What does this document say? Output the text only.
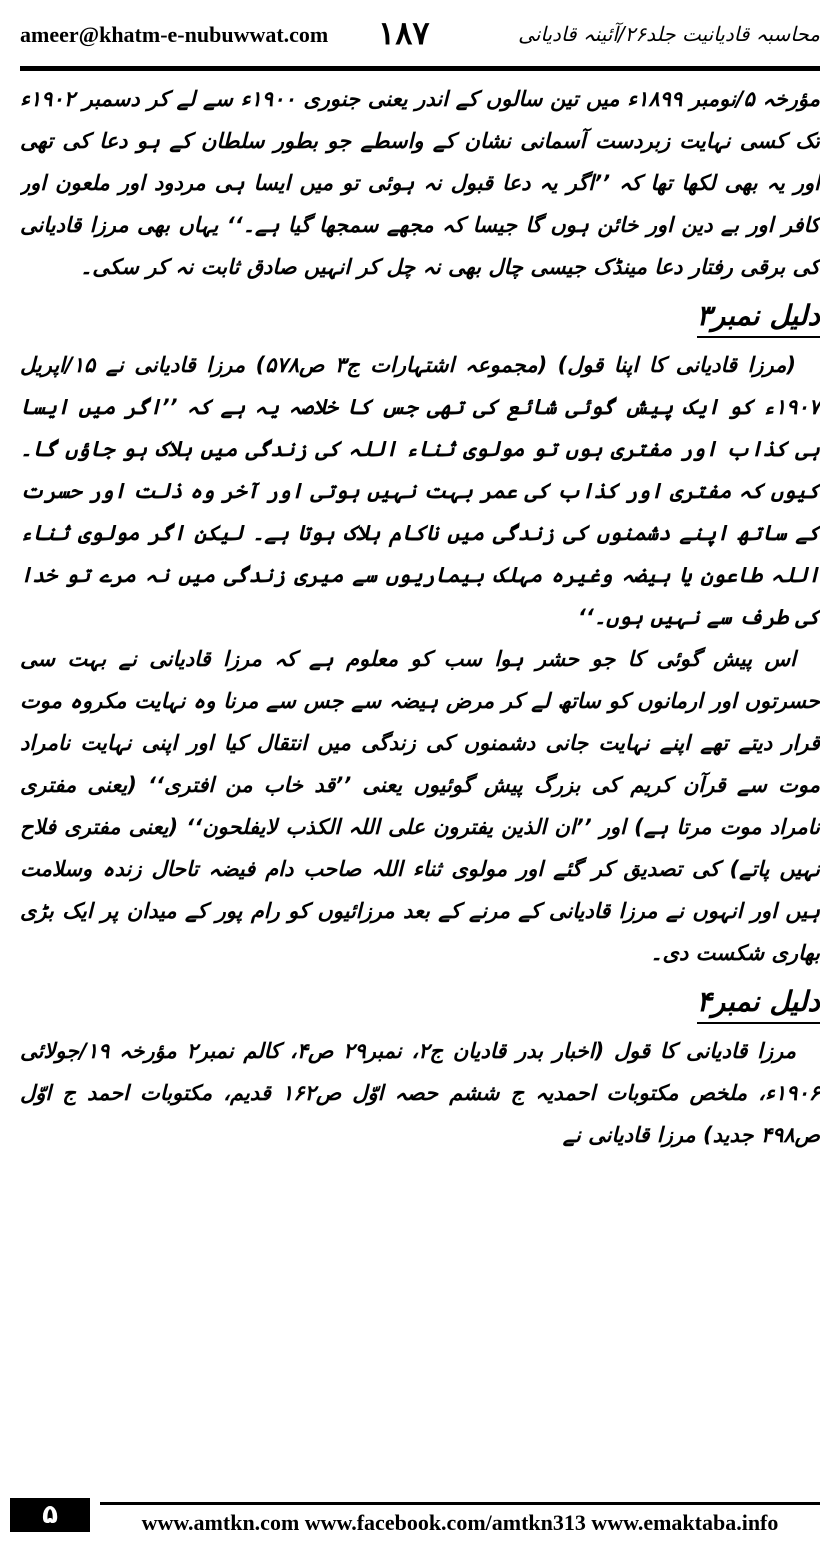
ameer@khatm-e-nubuwwat.com ۱۸۷	محاسبہ قادیانیت جلد۲۶/آئینہ قادیانی

مؤرخہ ۵/نومبر ۱۸۹۹ء میں تین سالوں کے اندر یعنی جنوری ۱۹۰۰ء سے لے کر دسمبر ۱۹۰۲ء تک کسی نہایت زبردست آسمانی نشان کے واسطے جو بطور سلطان کے ہو دعا کی تھی اور یہ بھی لکھا تھا کہ ’’اگر یہ دعا قبول نہ ہوئی تو میں ایسا ہی مردود اور ملعون اور کافر اور بے دین اور خائن ہوں گا جیسا کہ مجھے سمجھا گیا ہے۔‘‘ یہاں بھی مرزا قادیانی کی برقی رفتار دعا مینڈک جیسی چال بھی نہ چل کر انہیں صادق ثابت نہ کر سکی۔

دلیل نمبر۳

(مرزا قادیانی کا اپنا قول) (مجموعہ اشتہارات ج۳ ص۵۷۸) مرزا قادیانی نے ۱۵/اپریل ۱۹۰۷ء کو ایک پیش گوئی شائع کی تھی جس کا خلاصہ یہ ہے کہ ’’اگر میں ایسا ہی کذاب اور مفتری ہوں تو مولوی ثناء اللہ کی زندگی میں ہلاک ہو جاؤں گا۔ کیوں کہ مفتری اور کذاب کی عمر بہت نہیں ہوتی اور آخر وہ ذلت اور حسرت کے ساتھ اپنے دشمنوں کی زندگی میں ناکام ہلاک ہوتا ہے۔ لیکن اگر مولوی ثناء اللہ طاعون یا ہیضہ وغیرہ مہلک بیماریوں سے میری زندگی میں نہ مرے تو خدا کی طرف سے نہیں ہوں۔‘‘

اس پیش گوئی کا جو حشر ہوا سب کو معلوم ہے کہ مرزا قادیانی نے بہت سی حسرتوں اور ارمانوں کو ساتھ لے کر مرض ہیضہ سے جس سے مرنا وہ نہایت مکروہ موت قرار دیتے تھے اپنے نہایت جانی دشمنوں کی زندگی میں انتقال کیا اور اپنی نہایت نامراد موت سے قرآن کریم کی بزرگ پیش گوئیوں یعنی ’’قد خاب من افتری‘‘ (یعنی مفتری نامراد موت مرتا ہے) اور ’’ان الذین یفترون علی اللہ الکذب لایفلحون‘‘ (یعنی مفتری فلاح نہیں پاتے) کی تصدیق کر گئے اور مولوی ثناء اللہ صاحب دام فیضہ تاحال زندہ وسلامت ہیں اور انہوں نے مرزا قادیانی کے مرنے کے بعد مرزائیوں کو رام پور کے میدان پر ایک بڑی بھاری شکست دی۔

دلیل نمبر۴

مرزا قادیانی کا قول (اخبار بدر قادیان ج۲، نمبر۲۹ ص۴، کالم نمبر۲ مؤرخہ ۱۹/جولائی ۱۹۰۶ء، ملخص مکتوبات احمدیہ ج ششم حصہ اوّل ص۱۶۲ قدیم، مکتوبات احمد ج اوّل ص۴۹۸ جدید) مرزا قادیانی نے

۵	www.amtkn.com www.facebook.com/amtkn313 www.emaktaba.info
